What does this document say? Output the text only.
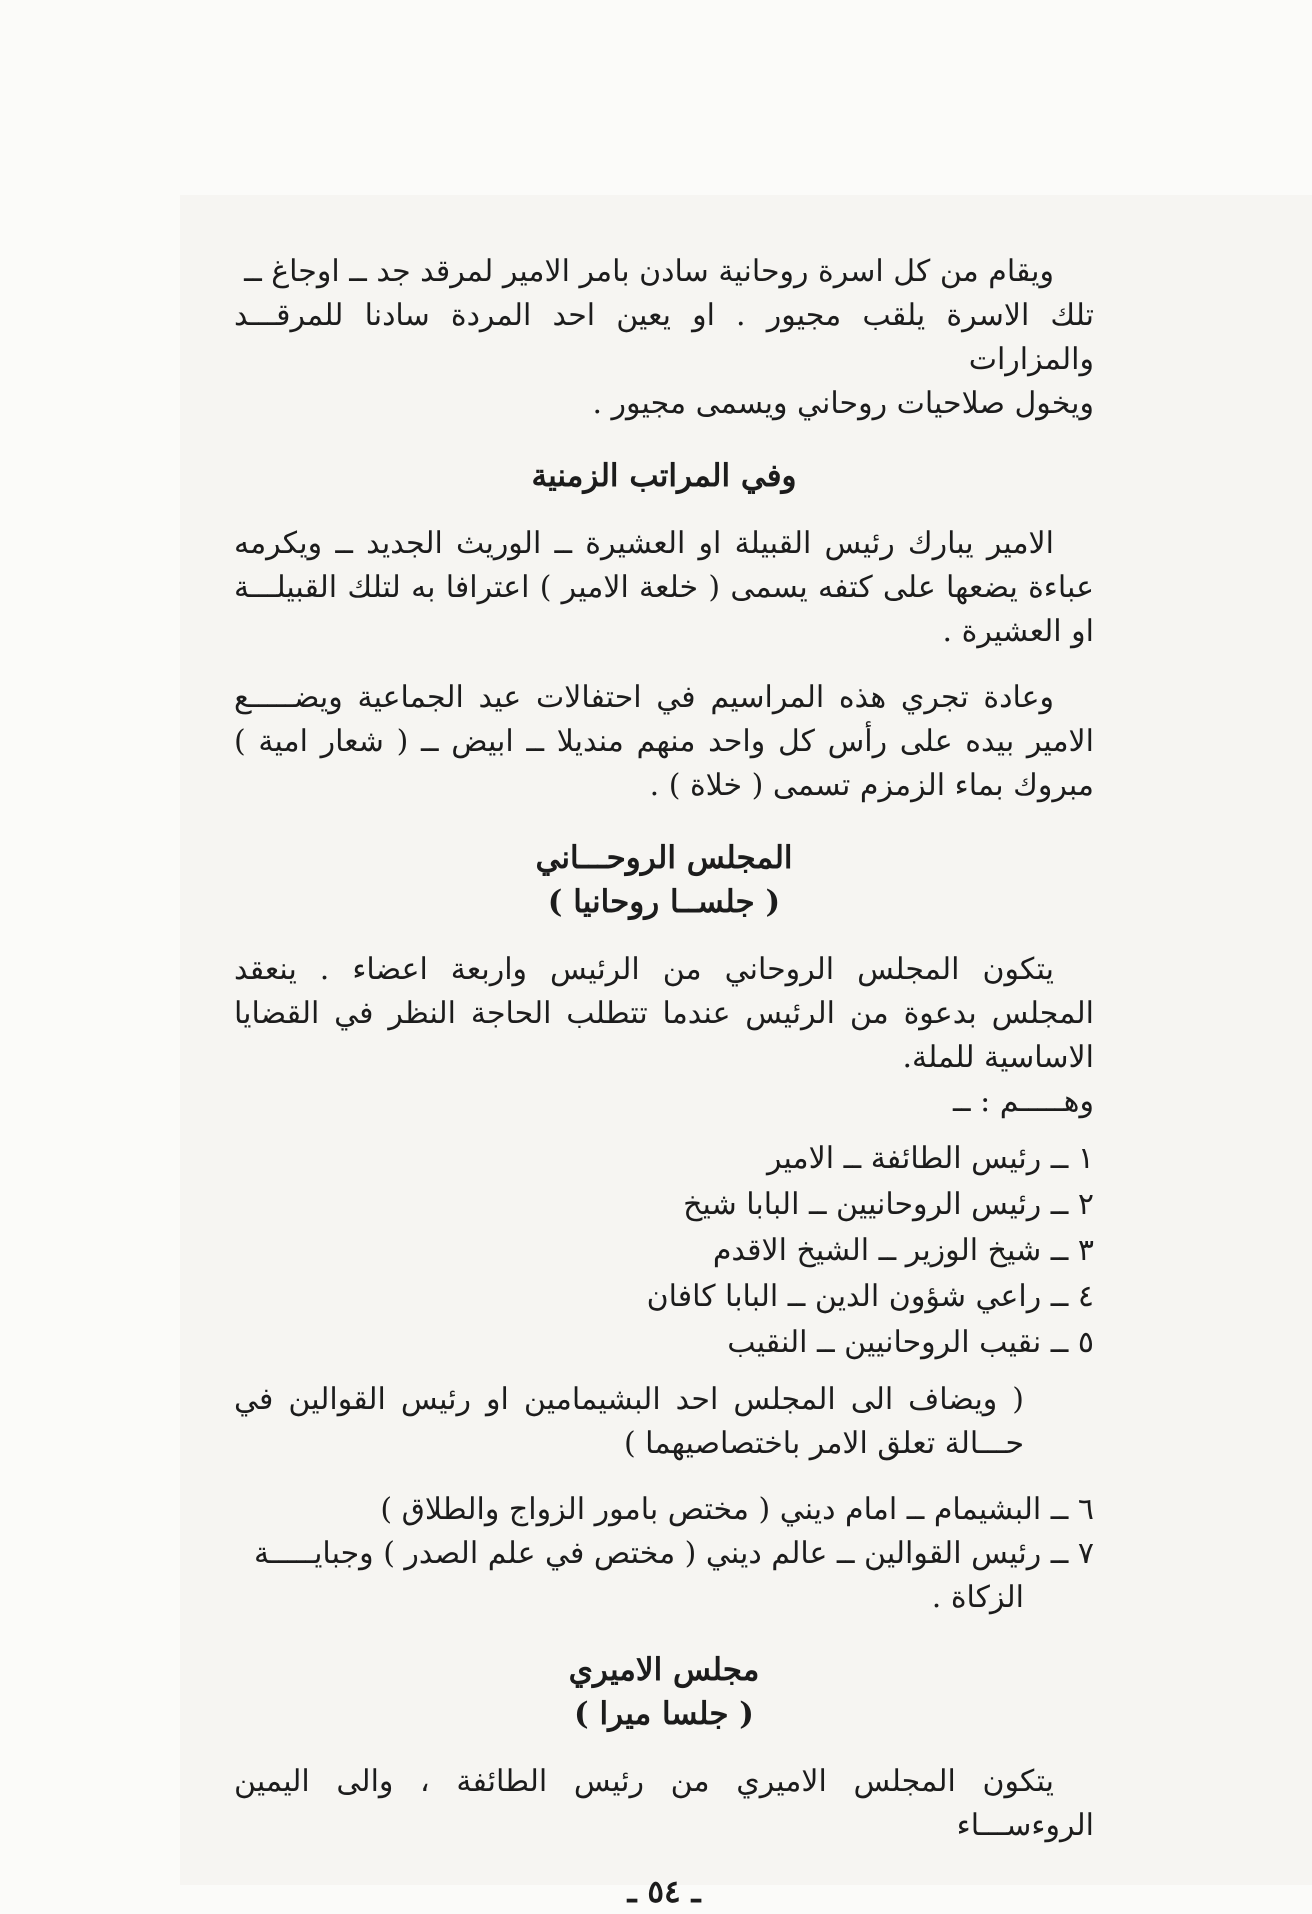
ويقام من كل اسرة روحانية سادن بامر الامير لمرقد جد ــ اوجاغ ــ
تلك الاسرة يلقب مجيور . او يعين احد المردة سادنا للمرقـــد والمزارات
ويخول صلاحيات روحاني ويسمى مجيور .

وفي المراتب الزمنية

الامير يبارك رئيس القبيلة او العشيرة ــ الوريث الجديد ــ ويكرمه عباءة يضعها على كتفه يسمى ( خلعة الامير ) اعترافا به لتلك القبيلـــة او العشيرة .

وعادة تجري هذه المراسيم في احتفالات عيد الجماعية ويضـــــع الامير بيده على رأس كل واحد منهم منديلا ــ ابيض ــ ( شعار امية ) مبروك بماء الزمزم تسمى ( خلاة ) .

المجلس الروحـــاني
( جلســا روحانيا )

يتكون المجلس الروحاني من الرئيس واربعة اعضاء . ينعقد المجلس بدعوة من الرئيس عندما تتطلب الحاجة النظر في القضايا الاساسية للملة.
وهـــــم : ــ

١ ــ رئيس الطائفة ــ الامير
٢ ــ رئيس الروحانيين ــ البابا شيخ
٣ ــ شيخ الوزير ــ الشيخ الاقدم
٤ ــ راعي شؤون الدين ــ البابا كافان
٥ ــ نقيب الروحانيين ــ النقيب

( ويضاف الى المجلس احد البشيمامين او رئيس القوالين في حـــالة تعلق الامر باختصاصيهما )

٦ ــ البشيمام ــ امام ديني ( مختص بامور الزواج والطلاق )

٧ ــ رئيس القوالين ــ عالم ديني ( مختص في علم الصدر ) وجبايـــــة
الزكاة .

مجلس الاميري
( جلسا ميرا )

يتكون المجلس الاميري من رئيس الطائفة ، والى اليمين الروءســـاء

ـ ٥٤ ـ
